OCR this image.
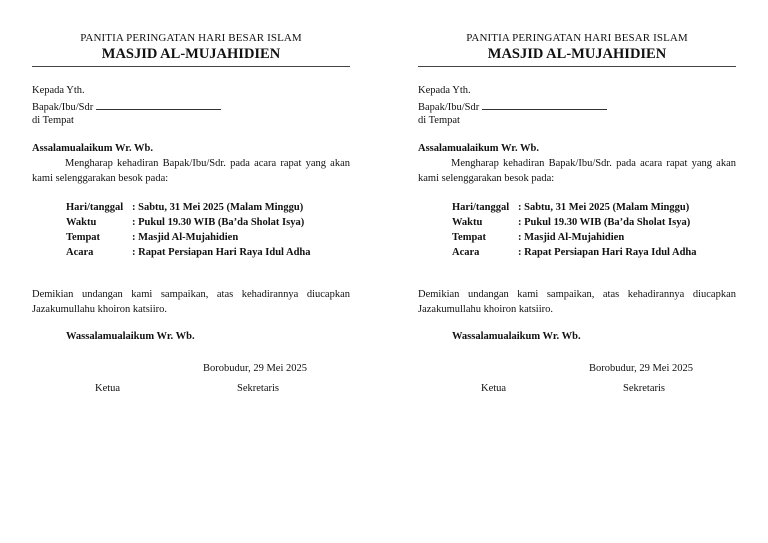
PANITIA PERINGATAN HARI BESAR ISLAM
MASJID AL-MUJAHIDIEN
Kepada Yth.
Bapak/Ibu/Sdr
di Tempat
Assalamualaikum Wr. Wb.
Mengharap kehadiran Bapak/Ibu/Sdr. pada acara rapat yang akan kami selenggarakan besok pada:
Hari/tanggal : Sabtu, 31 Mei 2025 (Malam Minggu)
Waktu	: Pukul 19.30 WIB (Ba’da Sholat Isya)
Tempat	: Masjid Al-Mujahidien
Acara	: Rapat Persiapan Hari Raya Idul Adha
Demikian undangan kami sampaikan, atas kehadirannya diucapkan Jazakumullahu khoiron katsiiro.
Wassalamualaikum Wr. Wb.
Borobudur, 29 Mei 2025
Ketua	Sekretaris
PANITIA PERINGATAN HARI BESAR ISLAM
MASJID AL-MUJAHIDIEN
Kepada Yth.
Bapak/Ibu/Sdr
di Tempat
Assalamualaikum Wr. Wb.
Mengharap kehadiran Bapak/Ibu/Sdr. pada acara rapat yang akan kami selenggarakan besok pada:
Hari/tanggal : Sabtu, 31 Mei 2025 (Malam Minggu)
Waktu	: Pukul 19.30 WIB (Ba’da Sholat Isya)
Tempat	: Masjid Al-Mujahidien
Acara	: Rapat Persiapan Hari Raya Idul Adha
Demikian undangan kami sampaikan, atas kehadirannya diucapkan Jazakumullahu khoiron katsiiro.
Wassalamualaikum Wr. Wb.
Borobudur, 29 Mei 2025
Ketua	Sekretaris
